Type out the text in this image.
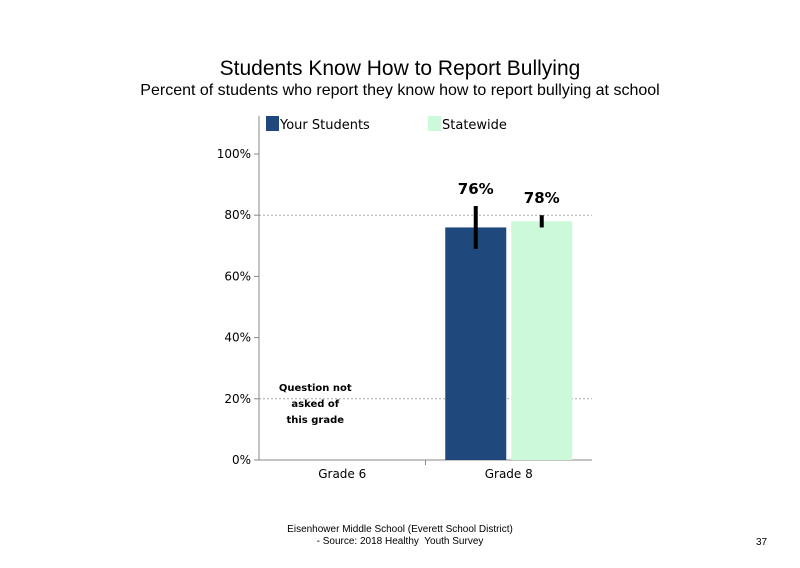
Students Know How to Report Bullying
Percent of students who report they know how to report bullying at school
0%
20%
40%
60%
80%
100%
Grade 6	Grade 8
76%
78%
Question not
asked of
this grade
Your Students	Statewide
Eisenhower Middle School (Everett School District)
- Source: 2018 Healthy  Youth Survey	37
